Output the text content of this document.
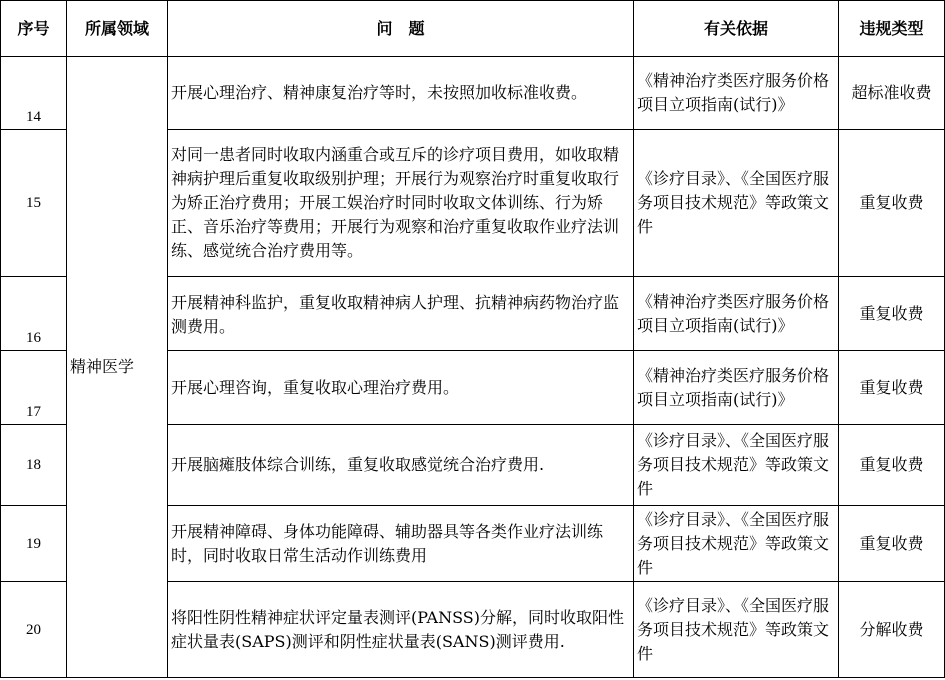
序号	所属领域	问　题	有关依据	违规类型
14	精神医学	开展心理治疗、精神康复治疗等时，未按照加收标准收费。	《精神治疗类医疗服务价格项目立项指南(试行)》	超标准收费
15		对同一患者同时收取内涵重合或互斥的诊疗项目费用，如收取精神病护理后重复收取级别护理；开展行为观察治疗时重复收取行为矫正治疗费用；开展工娱治疗时同时收取文体训练、行为矫正、音乐治疗等费用；开展行为观察和治疗重复收取作业疗法训练、感觉统合治疗费用等。	《诊疗目录》、《全国医疗服务项目技术规范》等政策文件	重复收费
16		开展精神科监护，重复收取精神病人护理、抗精神病药物治疗监测费用。	《精神治疗类医疗服务价格项目立项指南(试行)》	重复收费
17		开展心理咨询，重复收取心理治疗费用。	《精神治疗类医疗服务价格项目立项指南(试行)》	重复收费
18		开展脑瘫肢体综合训练，重复收取感觉统合治疗费用.	《诊疗目录》、《全国医疗服务项目技术规范》等政策文件	重复收费
19		开展精神障碍、身体功能障碍、辅助器具等各类作业疗法训练时，同时收取日常生活动作训练费用	《诊疗目录》、《全国医疗服务项目技术规范》等政策文件	重复收费
20		将阳性阴性精神症状评定量表测评(PANSS)分解，同时收取阳性症状量表(SAPS)测评和阴性症状量表(SANS)测评费用.	《诊疗目录》、《全国医疗服务项目技术规范》等政策文件	分解收费
